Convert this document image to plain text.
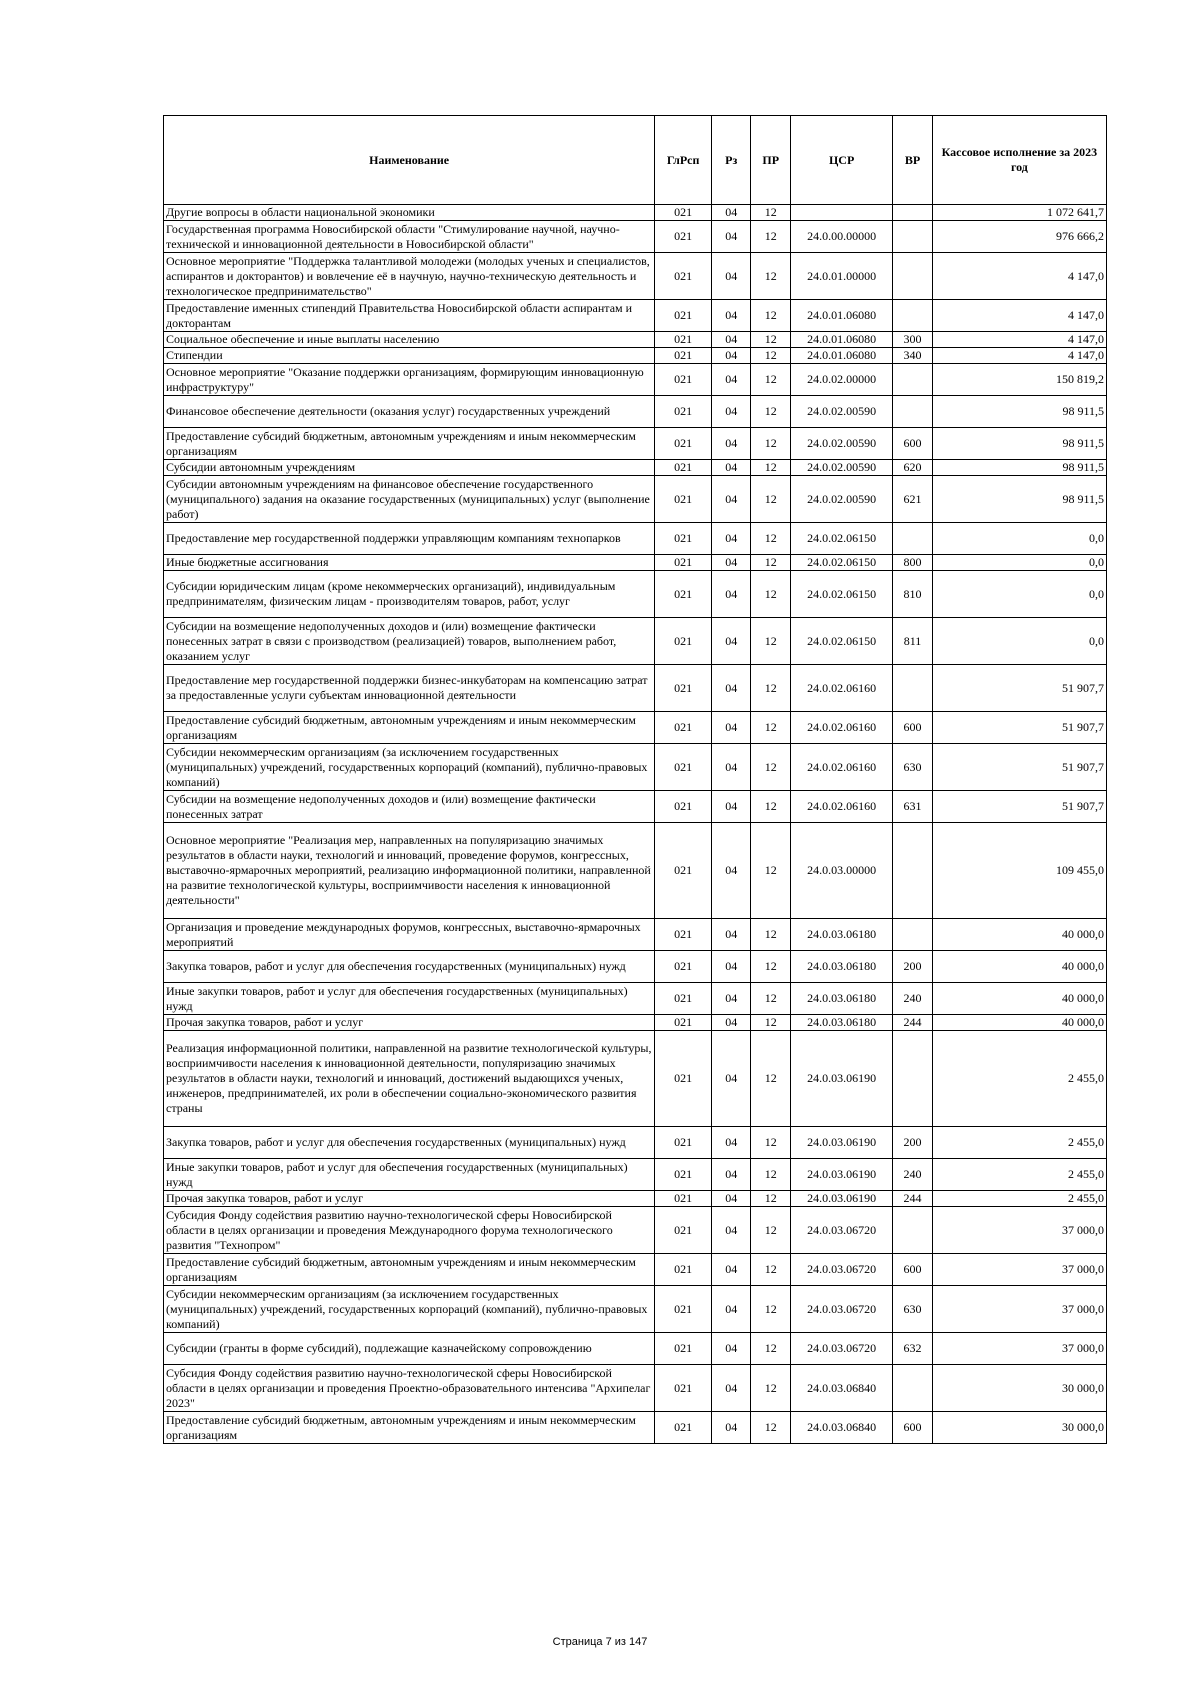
Наименование	ГлРсп	Рз	ПР	ЦСР	ВР	Кассовое исполнение за 2023 год
Другие вопросы в области национальной экономики	021	04	12			1 072 641,7
Государственная программа Новосибирской области "Стимулирование научной, научно-технической и инновационной деятельности в Новосибирской области"	021	04	12	24.0.00.00000		976 666,2
Основное мероприятие "Поддержка талантливой молодежи (молодых ученых и специалистов, аспирантов и докторантов) и вовлечение её в научную, научно-техническую деятельность и технологическое предпринимательство"	021	04	12	24.0.01.00000		4 147,0
Предоставление именных стипендий Правительства Новосибирской области аспирантам и докторантам	021	04	12	24.0.01.06080		4 147,0
Социальное обеспечение и иные выплаты населению	021	04	12	24.0.01.06080	300	4 147,0
Стипендии	021	04	12	24.0.01.06080	340	4 147,0
Основное мероприятие "Оказание поддержки организациям, формирующим инновационную инфраструктуру"	021	04	12	24.0.02.00000		150 819,2
Финансовое обеспечение деятельности (оказания услуг) государственных учреждений	021	04	12	24.0.02.00590		98 911,5
Предоставление субсидий бюджетным, автономным учреждениям и иным некоммерческим организациям	021	04	12	24.0.02.00590	600	98 911,5
Субсидии автономным учреждениям	021	04	12	24.0.02.00590	620	98 911,5
Субсидии автономным учреждениям на финансовое обеспечение государственного (муниципального) задания на оказание государственных (муниципальных) услуг (выполнение работ)	021	04	12	24.0.02.00590	621	98 911,5
Предоставление мер государственной поддержки управляющим компаниям технопарков	021	04	12	24.0.02.06150		0,0
Иные бюджетные ассигнования	021	04	12	24.0.02.06150	800	0,0
Субсидии юридическим лицам (кроме некоммерческих организаций), индивидуальным предпринимателям, физическим лицам - производителям товаров, работ, услуг	021	04	12	24.0.02.06150	810	0,0
Субсидии на возмещение недополученных доходов и (или) возмещение фактически понесенных затрат в связи с производством (реализацией) товаров, выполнением работ, оказанием услуг	021	04	12	24.0.02.06150	811	0,0
Предоставление мер государственной поддержки бизнес-инкубаторам на компенсацию затрат за предоставленные услуги субъектам инновационной деятельности	021	04	12	24.0.02.06160		51 907,7
Предоставление субсидий бюджетным, автономным учреждениям и иным некоммерческим организациям	021	04	12	24.0.02.06160	600	51 907,7
Субсидии некоммерческим организациям (за исключением государственных (муниципальных) учреждений, государственных корпораций (компаний), публично-правовых компаний)	021	04	12	24.0.02.06160	630	51 907,7
Субсидии на возмещение недополученных доходов и (или) возмещение фактически понесенных затрат	021	04	12	24.0.02.06160	631	51 907,7
Основное мероприятие "Реализация мер, направленных на популяризацию значимых результатов в области науки, технологий и инноваций, проведение форумов, конгрессных, выставочно-ярмарочных мероприятий, реализацию информационной политики, направленной на развитие технологической культуры, восприимчивости населения к инновационной деятельности"	021	04	12	24.0.03.00000		109 455,0
Организация и проведение международных форумов, конгрессных, выставочно-ярмарочных мероприятий	021	04	12	24.0.03.06180		40 000,0
Закупка товаров, работ и услуг для обеспечения государственных (муниципальных) нужд	021	04	12	24.0.03.06180	200	40 000,0
Иные закупки товаров, работ и услуг для обеспечения государственных (муниципальных) нужд	021	04	12	24.0.03.06180	240	40 000,0
Прочая закупка товаров, работ и услуг	021	04	12	24.0.03.06180	244	40 000,0
Реализация информационной политики, направленной на развитие технологической культуры, восприимчивости населения к инновационной деятельности, популяризацию значимых результатов в области науки, технологий и инноваций, достижений выдающихся ученых, инженеров, предпринимателей, их роли в обеспечении социально-экономического развития страны	021	04	12	24.0.03.06190		2 455,0
Закупка товаров, работ и услуг для обеспечения государственных (муниципальных) нужд	021	04	12	24.0.03.06190	200	2 455,0
Иные закупки товаров, работ и услуг для обеспечения государственных (муниципальных) нужд	021	04	12	24.0.03.06190	240	2 455,0
Прочая закупка товаров, работ и услуг	021	04	12	24.0.03.06190	244	2 455,0
Субсидия Фонду содействия развитию научно-технологической сферы Новосибирской области в целях организации и проведения Международного форума технологического развития "Технопром"	021	04	12	24.0.03.06720		37 000,0
Предоставление субсидий бюджетным, автономным учреждениям и иным некоммерческим организациям	021	04	12	24.0.03.06720	600	37 000,0
Субсидии некоммерческим организациям (за исключением государственных (муниципальных) учреждений, государственных корпораций (компаний), публично-правовых компаний)	021	04	12	24.0.03.06720	630	37 000,0
Субсидии (гранты в форме субсидий), подлежащие казначейскому сопровождению	021	04	12	24.0.03.06720	632	37 000,0
Субсидия Фонду содействия развитию научно-технологической сферы Новосибирской области в целях организации и проведения Проектно-образовательного интенсива "Архипелаг 2023"	021	04	12	24.0.03.06840		30 000,0
Предоставление субсидий бюджетным, автономным учреждениям и иным некоммерческим организациям	021	04	12	24.0.03.06840	600	30 000,0
Страница 7 из 147
